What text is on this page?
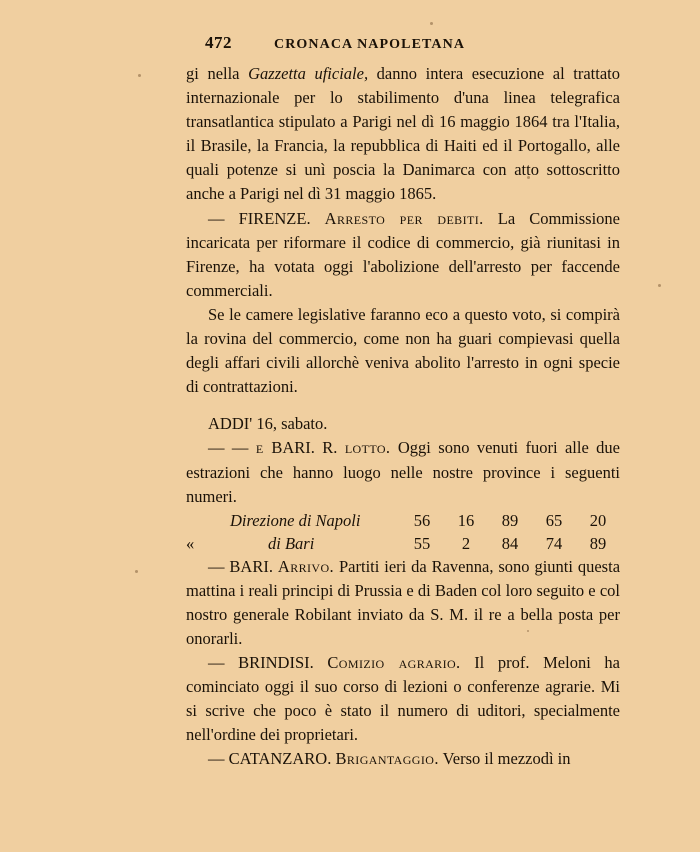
472	CRONACA NAPOLETANA

gi nella Gazzetta uficiale, danno intera esecuzione al trattato internazionale per lo stabilimento d'una linea telegrafica transatlantica stipulato a Parigi nel dì 16 maggio 1864 tra l'Italia, il Brasile, la Francia, la repubblica di Haiti ed il Portogallo, alle quali potenze si unì poscia la Danimarca con atto sottoscritto anche a Parigi nel dì 31 maggio 1865.

— FIRENZE. Arresto per debiti. La Commissione incaricata per riformare il codice di commercio, già riunitasi in Firenze, ha votata oggi l'abolizione dell'arresto per faccende commerciali.

Se le camere legislative faranno eco a questo voto, si compirà la rovina del commercio, come non ha guari compievasi quella degli affari civili allorchè veniva abolito l'arresto in ogni specie di contrattazioni.

ADDI' 16, sabato.

— — e BARI. R. lotto. Oggi sono venuti fuori alle due estrazioni che hanno luogo nelle nostre province i seguenti numeri.

	Direzione di Napoli	56	16	89	65	20
«	di Bari	55	2	84	74	89

— BARI. Arrivo. Partiti ieri da Ravenna, sono giunti questa mattina i reali principi di Prussia e di Baden col loro seguito e col nostro generale Robilant inviato da S. M. il re a bella posta per onorarli.

— BRINDISI. Comizio agrario. Il prof. Meloni ha cominciato oggi il suo corso di lezioni o conferenze agrarie. Mi si scrive che poco è stato il numero di uditori, specialmente nell'ordine dei proprietari.

— CATANZARO. Brigantaggio. Verso il mezzodì in
